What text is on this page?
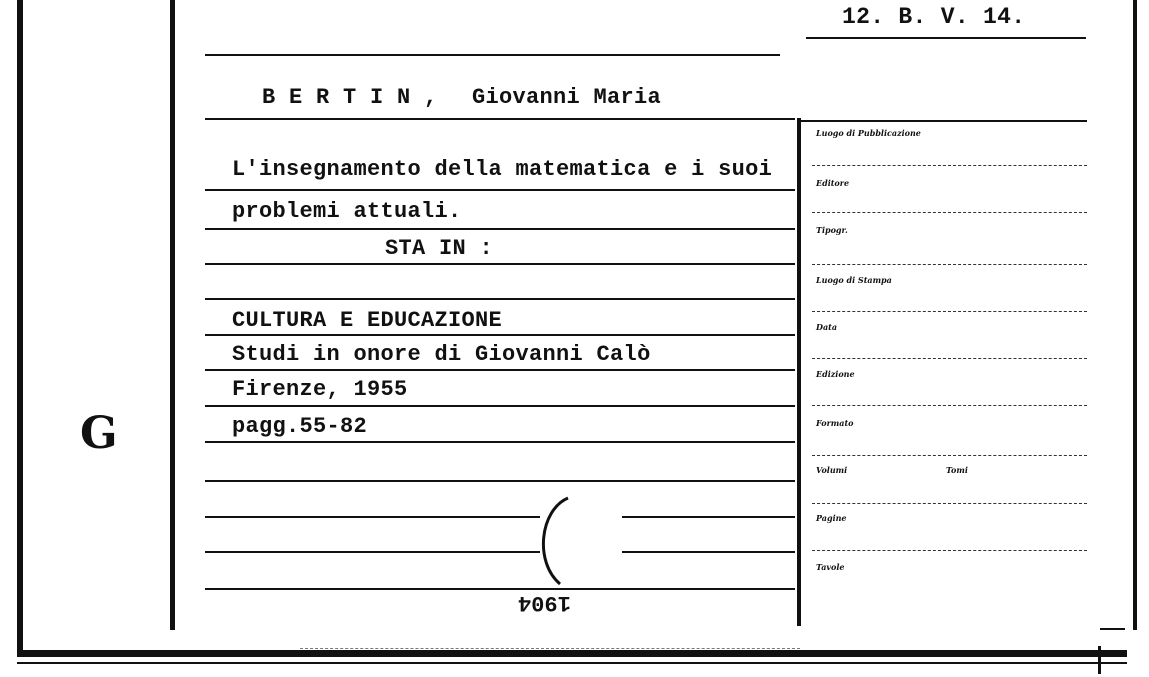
G
12. B. V. 14.
B E R T I N , Giovanni Maria
L'insegnamento della matematica e i suoi
problemi attuali.
STA IN :
CULTURA E EDUCAZIONE
Studi in onore di Giovanni Calò
Firenze, 1955
pagg.55-82
1904
Luogo di Pubblicazione
Editore
Tipogr.
Luogo di Stampa
Data
Edizione
Formato
Volumi	Tomi
Pagine
Tavole
